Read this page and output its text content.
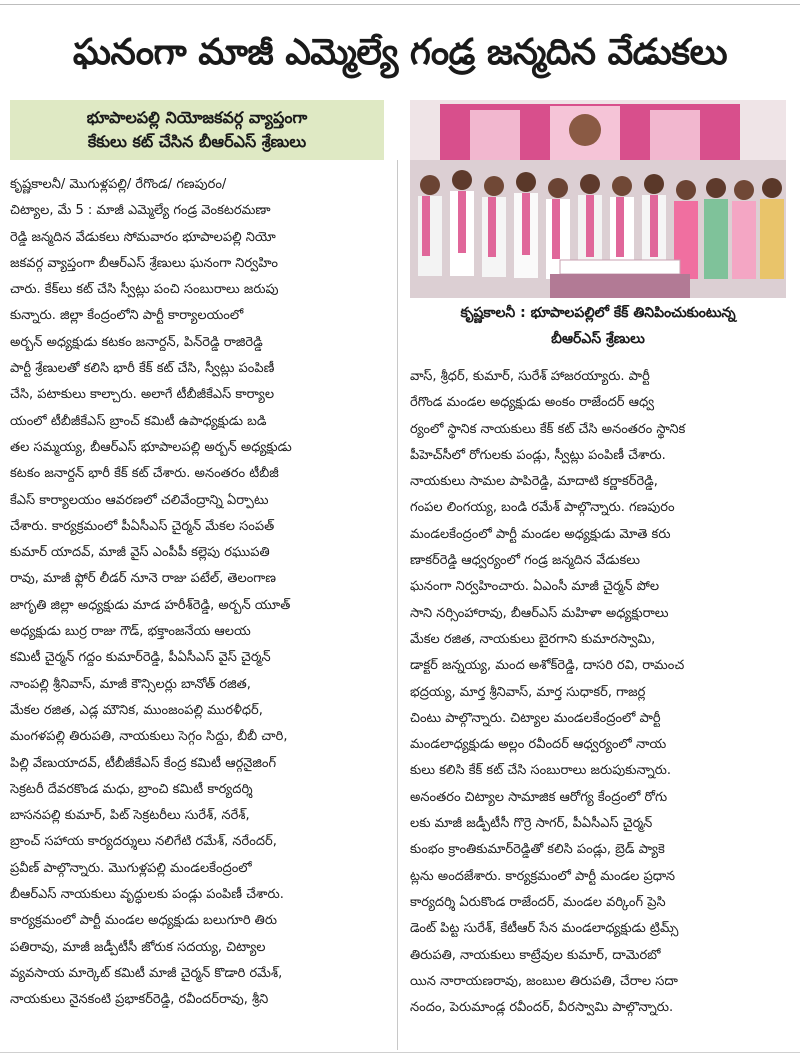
ఘనంగా మాజీ ఎమ్మెల్యే గండ్ర జన్మదిన వేడుకలు
భూపాలపల్లి నియోజకవర్గ వ్యాప్తంగా
కేకులు కట్ చేసిన బీఆర్ఎస్ శ్రేణులు
కృష్ణకాలనీ : భూపాలపల్లిలో కేక్ తినిపించుకుంటున్న
బీఆర్ఎస్ శ్రేణులు
కృష్ణకాలనీ/ మొగుళ్లపల్లి/ రేగొండ/ గణపురం/
చిట్యాల, మే 5 : మాజీ ఎమ్మెల్యే గండ్ర వెంకటరమణా
రెడ్డి జన్మదిన వేడుకలు సోమవారం భూపాలపల్లి నియో
జకవర్గ వ్యాప్తంగా బీఆర్ఎస్ శ్రేణులు ఘనంగా నిర్వహిం
చారు. కేక్‌లు కట్ చేసి స్వీట్లు పంచి సంబురాలు జరుపు
కున్నారు. జిల్లా కేంద్రంలోని పార్టీ కార్యాలయంలో
అర్బన్ అధ్యక్షుడు కటకం జనార్దన్, పిన్‌రెడ్డి రాజిరెడ్డి
పార్టీ శ్రేణులతో కలిసి భారీ కేక్ కట్ చేసి, స్వీట్లు పంపిణీ
చేసి, పటాకులు కాల్చారు. అలాగే టీబీజీకేఎస్ కార్యాల
యంలో టీబీజీకేఎస్ బ్రాంచ్ కమిటీ ఉపాధ్యక్షుడు బడి
తల సమ్మయ్య, బీఆర్ఎస్ భూపాలపల్లి అర్బన్ అధ్యక్షుడు
కటకం జనార్దన్ భారీ కేక్ కట్ చేశారు. అనంతరం టీబీజీ
కేఎస్ కార్యాలయం ఆవరణలో చలివేంద్రాన్ని ఏర్పాటు
చేశారు. కార్యక్రమంలో పీఏసీఎస్ చైర్మన్ మేకల సంపత్
కుమార్ యాదవ్, మాజీ వైస్ ఎంపీపీ కల్లెపు రఘుపతి
రావు, మాజీ ఫ్లోర్ లీడర్ నూనె రాజు పటేల్, తెలంగాణ
జాగృతి జిల్లా అధ్యక్షుడు మాడ హరీశ్‌రెడ్డి, అర్బన్ యూత్
అధ్యక్షుడు బుర్ర రాజు గౌడ్, భక్తాంజనేయ ఆలయ
కమిటీ చైర్మన్ గద్దం కుమార్‌రెడ్డి, పీఏసీఎస్ వైస్ చైర్మన్
నాంపల్లి శ్రీనివాస్, మాజీ కౌన్సిలర్లు బానోత్ రజిత,
మేకల రజిత, ఎడ్ల మౌనిక, ముంజంపల్లి మురళీధర్,
మంగళపల్లి తిరుపతి, నాయకులు సెగ్గం సిద్దు, బీబీ చారి,
పిల్లి వేణుయాదవ్, టీబీజీకేఎస్ కేంద్ర కమిటీ ఆర్గనైజింగ్
సెక్రటరీ దేవరకొండ మధు, బ్రాంచి కమిటీ కార్యదర్శి
బాసనపల్లి కుమార్, పిట్ సెక్రటరీలు సురేశ్, నరేశ్,
బ్రాంచ్ సహాయ కార్యదర్శులు నలిగేటి రమేశ్, నరేందర్,
ప్రవీణ్ పాల్గొన్నారు. మొగుళ్లపల్లి మండలకేంద్రంలో
బీఆర్ఎస్ నాయకులు వృద్ధులకు పండ్లు పంపిణీ చేశారు.
కార్యక్రమంలో పార్టీ మండల అధ్యక్షుడు బలుగూరి తిరు
పతిరావు, మాజీ జడ్పీటీసీ జోరుక సదయ్య, చిట్యాల
వ్యవసాయ మార్కెట్ కమిటీ మాజీ చైర్మన్ కొడారి రమేశ్,
నాయకులు నైనకంటి ప్రభాకర్‌రెడ్డి, రవీందర్‌రావు, శ్రీని
వాస్, శ్రీధర్, కుమార్, సురేశ్ హాజరయ్యారు. పార్టీ
రేగొండ మండల అధ్యక్షుడు అంకం రాజేందర్ ఆధ్వ
ర్యంలో స్థానిక నాయకులు కేక్ కట్ చేసి అనంతరం స్థానిక
పీహెచ్‌సీలో రోగులకు పండ్లు, స్వీట్లు పంపిణీ చేశారు.
నాయకులు సామల పాపిరెడ్డి, మాదాటి కర్ణాకర్‌రెడ్డి,
గంపల లింగయ్య, బండి రమేశ్ పాల్గొన్నారు. గణపురం
మండలకేంద్రంలో పార్టీ మండల అధ్యక్షుడు మోతె కరు
ణాకర్‌రెడ్డి ఆధ్వర్యంలో గండ్ర జన్మదిన వేడుకలు
ఘనంగా నిర్వహించారు. ఏఎంసీ మాజీ చైర్మన్ పోల
సాని నర్సింహారావు, బీఆర్ఎస్ మహిళా అధ్యక్షురాలు
మేకల రజిత, నాయకులు బైరగాని కుమారస్వామి,
డాక్టర్ జన్నయ్య, మంద అశోక్‌రెడ్డి, దాసరి రవి, రామంచ
భద్రయ్య, మార్త శ్రీనివాస్, మార్త సుధాకర్, గాజర్ల
చింటు పాల్గొన్నారు. చిట్యాల మండలకేంద్రంలో పార్టీ
మండలాధ్యక్షుడు అల్లం రవీందర్ ఆధ్వర్యంలో నాయ
కులు కలిసి కేక్ కట్ చేసి సంబురాలు జరుపుకున్నారు.
అనంతరం చిట్యాల సామాజిక ఆరోగ్య కేంద్రంలో రోగు
లకు మాజీ జడ్పీటీసీ గొర్రె సాగర్, పీఏసీఎస్ చైర్మన్
కుంభం క్రాంతికుమార్‌రెడ్డితో కలిసి పండ్లు, బ్రెడ్ ప్యాకె
ట్లను అందజేశారు. కార్యక్రమంలో పార్టీ మండల ప్రధాన
కార్యదర్శి ఏరుకొండ రాజేందర్, మండల వర్కింగ్ ప్రెసి
డెంట్ పిట్ట సురేశ్, కేటీఆర్ సేన మండలాధ్యక్షుడు ట్రిమ్స్
తిరుపతి, నాయకులు కాట్రేవుల కుమార్, దామెరబో
యిన నారాయణరావు, జంబుల తిరుపతి, చేరాల సదా
నందం, పెరుమాండ్ల రవీందర్, వీరస్వామి పాల్గొన్నారు.
